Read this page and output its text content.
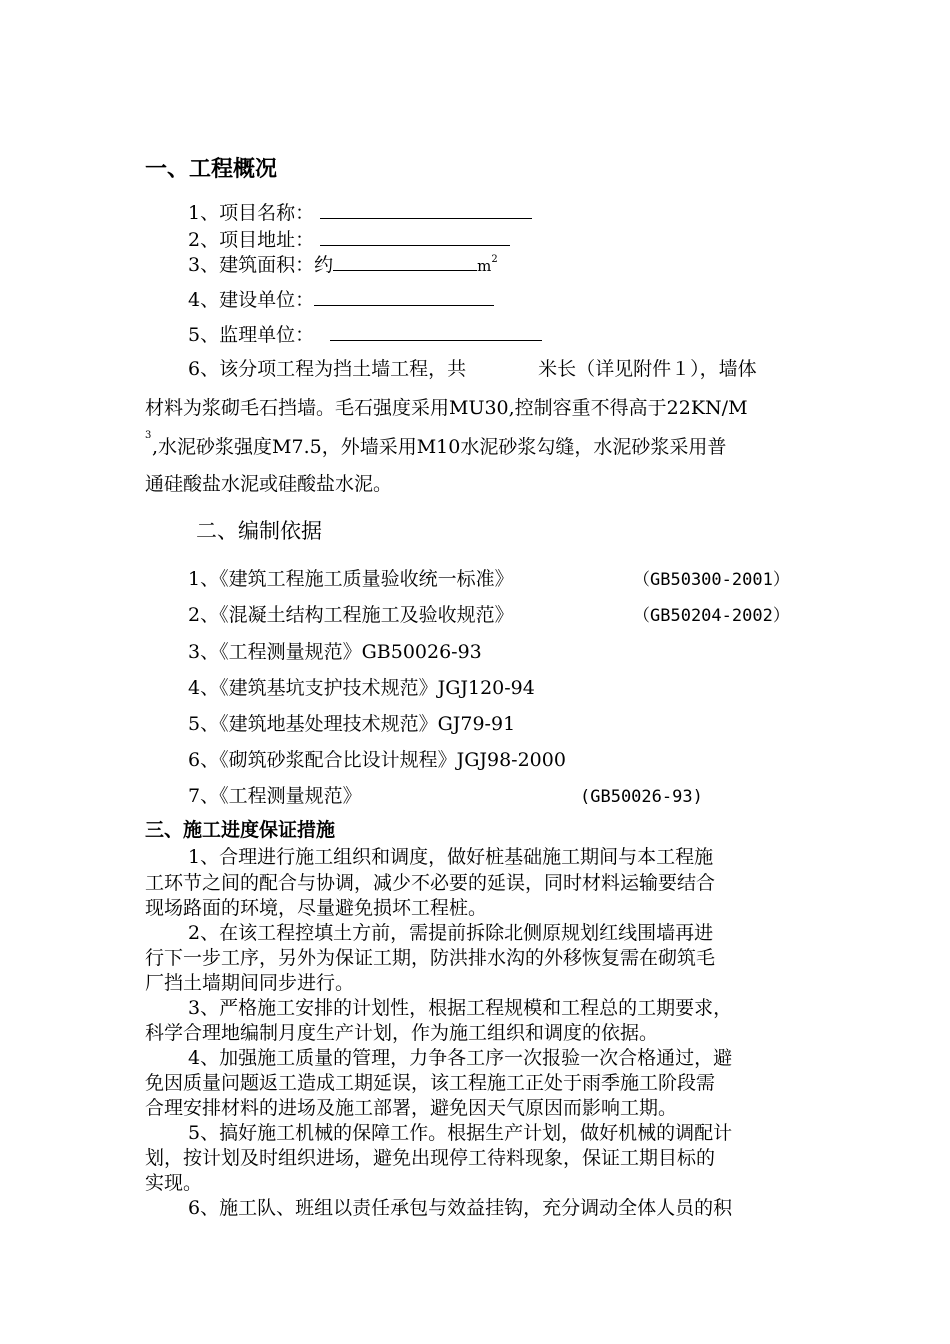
一、工程概况
1、项目名称：
2、项目地址：
3、建筑面积：约	$m^2$
4、建设单位：
5、监理单位：
6、该分项工程为挡土墙工程，共	米长（详见附件１），墙体
材料为浆砌毛石挡墙。毛石强度采用MU30,控制容重不得高于22KN/M
3
,水泥砂浆强度M7.5，外墙采用M10水泥砂浆勾缝，水泥砂浆采用普
通硅酸盐水泥或硅酸盐水泥。
二、编制依据
1、《建筑工程施工质量验收统一标准》	（GB50300-2001）
2、《混凝土结构工程施工及验收规范》	（GB50204-2002）
3、《工程测量规范》GB50026-93
4、《建筑基坑支护技术规范》JGJ120-94
5、《建筑地基处理技术规范》GJ79-91
6、《砌筑砂浆配合比设计规程》JGJ98-2000
7、《工程测量规范》	(GB50026-93)
三、施工进度保证措施
1、合理进行施工组织和调度，做好桩基础施工期间与本工程施
工环节之间的配合与协调，减少不必要的延误，同时材料运输要结合
现场路面的环境，尽量避免损坏工程桩。
2、在该工程控填土方前，需提前拆除北侧原规划红线围墙再进
行下一步工序，另外为保证工期，防洪排水沟的外移恢复需在砌筑毛
厂挡土墙期间同步进行。
3、严格施工安排的计划性，根据工程规模和工程总的工期要求，
科学合理地编制月度生产计划，作为施工组织和调度的依据。
4、加强施工质量的管理，力争各工序一次报验一次合格通过，避
免因质量问题返工造成工期延误，该工程施工正处于雨季施工阶段需
合理安排材料的进场及施工部署，避免因天气原因而影响工期。
5、搞好施工机械的保障工作。根据生产计划，做好机械的调配计
划，按计划及时组织进场，避免出现停工待料现象，保证工期目标的
实现。
6、施工队、班组以责任承包与效益挂钩，充分调动全体人员的积
